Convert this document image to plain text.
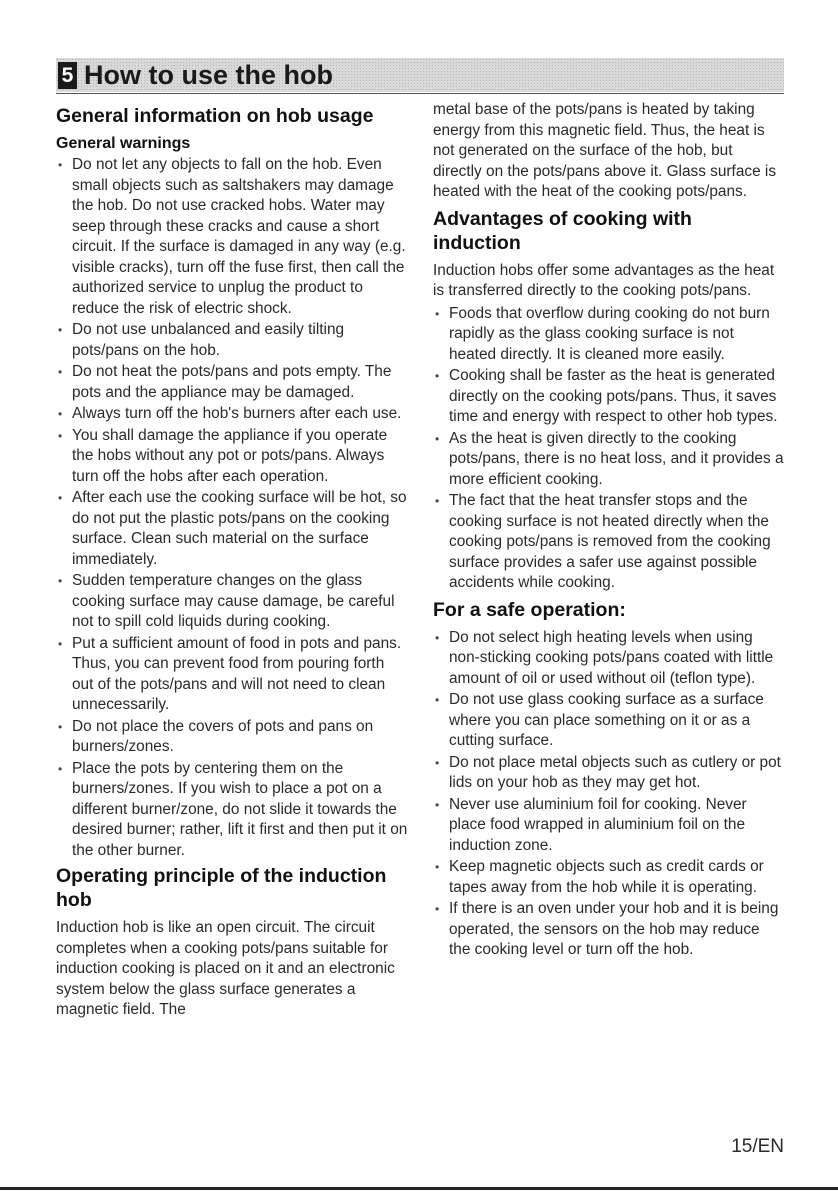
5 How to use the hob
General information on hob usage
General warnings
• Do not let any objects to fall on the hob. Even small objects such as saltshakers may damage the hob. Do not use cracked hobs. Water may seep through these cracks and cause a short circuit. If the surface is damaged in any way (e.g. visible cracks), turn off the fuse first, then call the authorized service to unplug the product to reduce the risk of electric shock.
• Do not use unbalanced and easily tilting pots/pans on the hob.
• Do not heat the pots/pans and pots empty. The pots and the appliance may be damaged.
• Always turn off the hob's burners after each use.
• You shall damage the appliance if you operate the hobs without any pot or pots/pans. Always turn off the hobs after each operation.
• After each use the cooking surface will be hot, so do not put the plastic pots/pans on the cooking surface. Clean such material on the surface immediately.
• Sudden temperature changes on the glass cooking surface may cause damage, be careful not to spill cold liquids during cooking.
• Put a sufficient amount of food in pots and pans. Thus, you can prevent food from pouring forth out of the pots/pans and will not need to clean unnecessarily.
• Do not place the covers of pots and pans on burners/zones.
• Place the pots by centering them on the burners/zones. If you wish to place a pot on a different burner/zone, do not slide it towards the desired burner; rather, lift it first and then put it on the other burner.
Operating principle of the induction hob

Induction hob is like an open circuit. The circuit completes when a cooking pots/pans suitable for induction cooking is placed on it and an electronic system below the glass surface generates a magnetic field. The

metal base of the pots/pans is heated by taking energy from this magnetic field. Thus, the heat is not generated on the surface of the hob, but directly on the pots/pans above it. Glass surface is heated with the heat of the cooking pots/pans.

Advantages of cooking with induction

Induction hobs offer some advantages as the heat is transferred directly to the cooking pots/pans.

• Foods that overflow during cooking do not burn rapidly as the glass cooking surface is not heated directly. It is cleaned more easily.
• Cooking shall be faster as the heat is generated directly on the cooking pots/pans. Thus, it saves time and energy with respect to other hob types.
• As the heat is given directly to the cooking pots/pans, there is no heat loss, and it provides a more efficient cooking.
• The fact that the heat transfer stops and the cooking surface is not heated directly when the cooking pots/pans is removed from the cooking surface provides a safer use against possible accidents while cooking.
For a safe operation:
• Do not select high heating levels when using non-sticking cooking pots/pans coated with little amount of oil or used without oil (teflon type).
• Do not use glass cooking surface as a surface where you can place something on it or as a cutting surface.
• Do not place metal objects such as cutlery or pot lids on your hob as they may get hot.
• Never use aluminium foil for cooking. Never place food wrapped in aluminium foil on the induction zone.
• Keep magnetic objects such as credit cards or tapes away from the hob while it is operating.
• If there is an oven under your hob and it is being operated, the sensors on the hob may reduce the cooking level or turn off the hob.
15/EN
